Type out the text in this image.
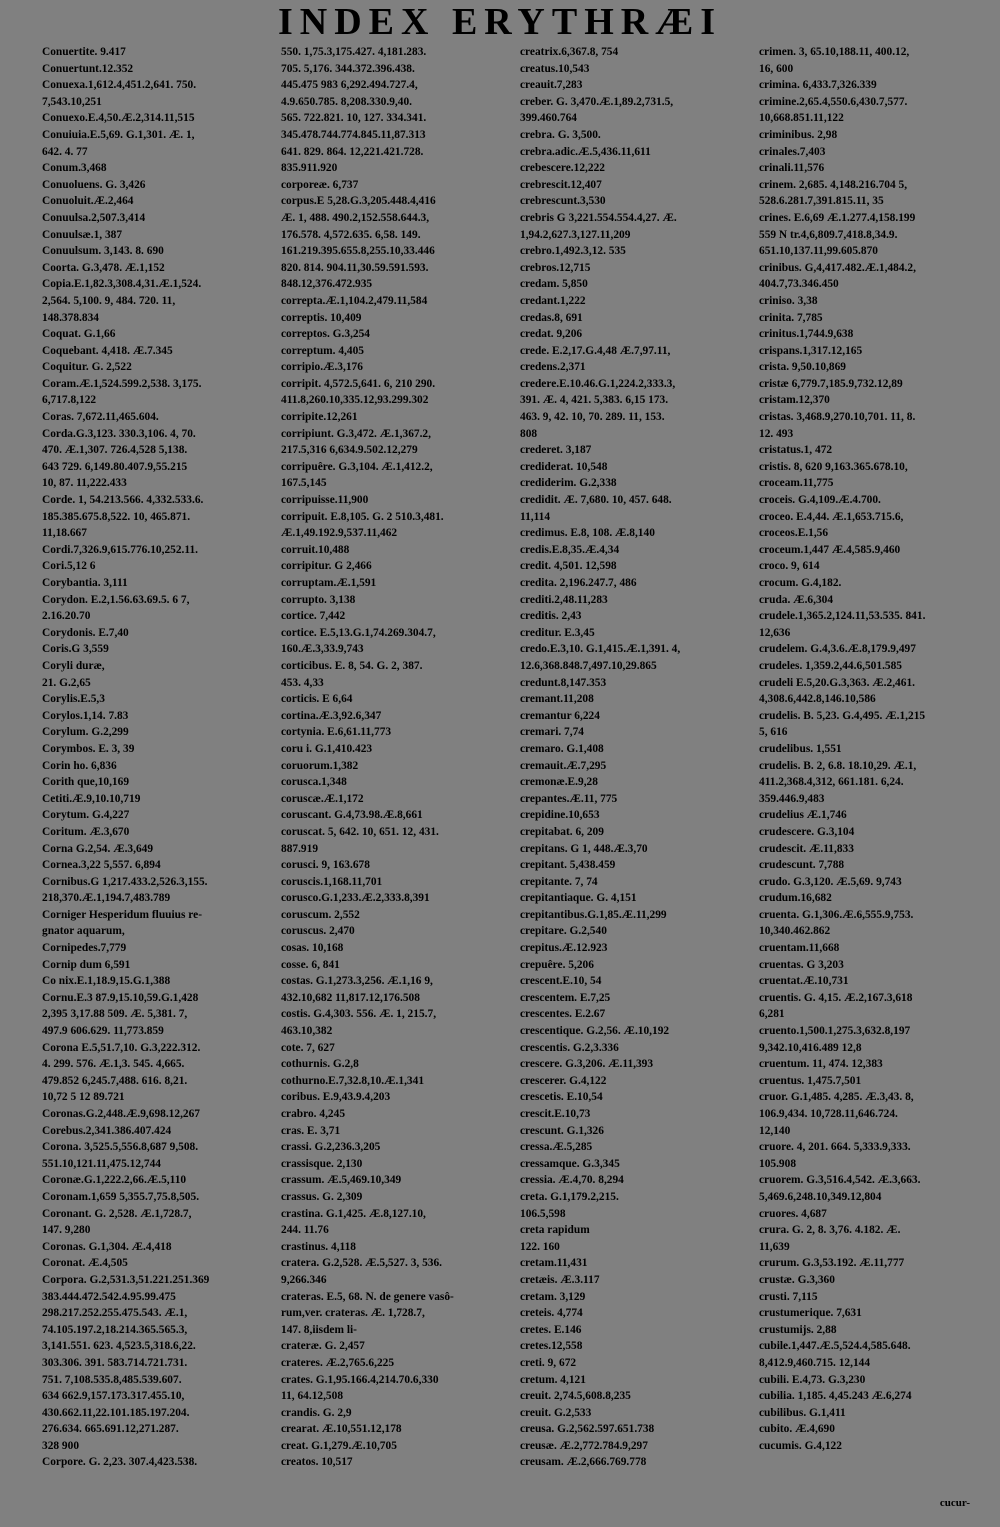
INDEX ERYTHRÆI
Conuertite. 9.417
Conuertunt.12.352
Conuexa.1,612.4,451.2,641. 750.
7,543.10,251
Conuexo.E.4,50.Æ.2,314.11,515
Conuiuia.E.5,69. G.1,301. Æ. 1,
642. 4. 77
Conum.3,468
Conuoluens. G. 3,426
Conuoluit.Æ.2,464
Conuulsa.2,507.3,414
Conuulsæ.1, 387
Conuulsum. 3,143. 8. 690
Coorta. G.3,478. Æ.1,152
Copia.E.1,82.3,308.4,31.Æ.1,524.
2,564. 5,100. 9, 484. 720. 11,
148.378.834
Coquat. G.1,66
Coquebant. 4,418. Æ.7.345
Coquitur. G. 2,522
Coram.Æ.1,524.599.2,538. 3,175.
6,717.8,122
Coras. 7,672.11,465.604.
Corda.G.3,123. 330.3,106. 4, 70.
470. Æ.1,307. 726.4,528 5,138.
643 729. 6,149.80.407.9,55.215
10, 87. 11,222.433
Corde. 1, 54.213.566. 4,332.533.6.
185.385.675.8,522. 10, 465.871.
11,18.667
Cordi.7,326.9,615.776.10,252.11.
Cori.5,12 6
Corybantia. 3,111
Corydon. E.2,1.56.63.69.5. 6 7,
2.16.20.70
Corydonis. E.7,40
Coris.G 3,559
Coryli duræ,
21. G.2,65
Corylis.E.5,3
Corylos.1,14. 7.83
Corylum. G.2,299
Corymbos. E. 3, 39
Corin ho. 6,836
Corith que,10,169
Cetiti.Æ.9,10.10,719
Corytum. G.4,227
Coritum. Æ.3,670
Corna G.2,54. Æ.3,649
Cornea.3,22 5,557. 6,894
Cornibus.G 1,217.433.2,526.3,155.
218,370.Æ.1,194.7,483.789
Corniger Hesperidum fluuius re-
gnator aquarum,
Cornipedes.7,779
Cornip dum 6,591
Co nix.E.1,18.9,15.G.1,388
Cornu.E.3 87.9,15.10,59.G.1,428
2,395 3,17.88 509. Æ. 5,381. 7,
497.9 606.629. 11,773.859
Corona E.5,51.7,10. G.3,222.312.
4. 299. 576. Æ.1,3. 545. 4,665.
479.852 6,245.7,488. 616. 8,21.
10,72 5 12 89.721
Coronas.G.2,448.Æ.9,698.12,267
Corebus.2,341.386.407.424
Corona. 3,525.5,556.8,687 9,508.
551.10,121.11,475.12,744
Coronæ.G.1,222.2,66.Æ.5,110
Coronam.1,659 5,355.7,75.8,505.
Coronant. G. 2,528. Æ.1,728.7,
147. 9,280
Coronas. G.1,304. Æ.4,418
Coronat. Æ.4,505
Corpora. G.2,531.3,51.221.251.369
383.444.472.542.4.95.99.475
298.217.252.255.475.543. Æ.1,
74.105.197.2,18.214.365.565.3,
3,141.551. 623. 4,523.5,318.6,22.
303.306. 391. 583.714.721.731.
751. 7,108.535.8,485.539.607.
634 662.9,157.173.317.455.10,
430.662.11,22.101.185.197.204.
276.634. 665.691.12,271.287.
328 900
Corpore. G. 2,23. 307.4,423.538.
550. 1,75.3,175.427. 4,181.283.
705. 5,176. 344.372.396.438.
445.475 983 6,292.494.727.4,
4.9.650.785. 8,208.330.9,40.
565. 722.821. 10, 127. 334.341.
345.478.744.774.845.11,87.313
641. 829. 864. 12,221.421.728.
835.911.920
corporeæ. 6,737
corpus.E 5,28.G.3,205.448.4,416
Æ. 1, 488. 490.2,152.558.644.3,
176.578. 4,572.635. 6,58. 149.
161.219.395.655.8,255.10,33.446
820. 814. 904.11,30.59.591.593.
848.12,376.472.935
correpta.Æ.1,104.2,479.11,584
correptis. 10,409
correptos. G.3,254
correptum. 4,405
corripio.Æ.3,176
corripit. 4,572.5,641. 6, 210 290.
411.8,260.10,335.12,93.299.302
corripite.12,261
corripiunt. G.3,472. Æ.1,367.2,
217.5,316 6,634.9.502.12,279
corripuêre. G.3,104. Æ.1,412.2,
167.5,145
corripuisse.11,900
corripuit. E.8,105. G. 2 510.3,481.
Æ.1,49.192.9,537.11,462
corruit.10,488
corripitur. G 2,466
corruptam.Æ.1,591
corrupto. 3,138
cortice. 7,442
cortice. E.5,13.G.1,74.269.304.7,
160.Æ.3,33.9,743
corticibus. E. 8, 54. G. 2, 387.
453. 4,33
corticis. E 6,64
cortina.Æ.3,92.6,347
cortynia. E.6,61.11,773
coru i. G.1,410.423
coruorum.1,382
corusca.1,348
coruscæ.Æ.1,172
coruscant. G.4,73.98.Æ.8,661
coruscat. 5, 642. 10, 651. 12, 431.
887.919
corusci. 9, 163.678
coruscis.1,168.11,701
corusco.G.1,233.Æ.2,333.8,391
coruscum. 2,552
coruscus. 2,470
cosas. 10,168
cosse. 6, 841
costas. G.1,273.3,256. Æ.1,16 9,
432.10,682 11,817.12,176.508
costis. G.4,303. 556. Æ. 1, 215.7,
463.10,382
cote. 7, 627
cothurnis. G.2,8
cothurno.E.7,32.8,10.Æ.1,341
coribus. E.9,43.9.4,203
crabro. 4,245
cras. E. 3,71
crassi. G.2,236.3,205
crassisque. 2,130
crassum. Æ.5,469.10,349
crassus. G. 2,309
crastina. G.1,425. Æ.8,127.10,
244. 11.76
crastinus. 4,118
cratera. G.2,528. Æ.5,527. 3, 536.
9,266.346
crateras. E.5, 68. N. de genere vasô-
rum,ver. crateras. Æ. 1,728.7,
147. 8,iisdem li-
crateræ. G. 2,457
crateres. Æ.2,765.6,225
crates. G.1,95.166.4,214.70.6,330
11, 64.12,508
crandis. G. 2,9
crearat. Æ.10,551.12,178
creat. G.1,279.Æ.10,705
creatos. 10,517
creatrix.6,367.8, 754
creatus.10,543
creauit.7,283
creber. G. 3,470.Æ.1,89.2,731.5,
399.460.764
crebra. G. 3,500.
crebra.adic.Æ.5,436.11,611
crebescere.12,222
crebrescit.12,407
crebrescunt.3,530
crebris G 3,221.554.554.4,27. Æ.
1,94.2,627.3,127.11,209
crebro.1,492.3,12. 535
crebros.12,715
credam. 5,850
credant.1,222
credas.8, 691
credat. 9,206
crede. E.2,17.G.4,48 Æ.7,97.11,
credens.2,371
credere.E.10.46.G.1,224.2,333.3,
391. Æ. 4, 421. 5,383. 6,15 173.
463. 9, 42. 10, 70. 289. 11, 153.
808
crederet. 3,187
crediderat. 10,548
crediderim. G.2,338
credidit. Æ. 7,680. 10, 457. 648.
11,114
credimus. E.8, 108. Æ.8,140
credis.E.8,35.Æ.4,34
credit. 4,501. 12,598
credita. 2,196.247.7, 486
crediti.2,48.11,283
creditis. 2,43
creditur. E.3,45
credo.E.3,10. G.1,415.Æ.1,391. 4,
12.6,368.848.7,497.10,29.865
credunt.8,147.353
cremant.11,208
cremantur 6,224
cremari. 7,74
cremaro. G.1,408
cremauit.Æ.7,295
cremonæ.E.9,28
crepantes.Æ.11, 775
crepidine.10,653
crepitabat. 6, 209
crepitans. G 1, 448.Æ.3,70
crepitant. 5,438.459
crepitante. 7, 74
crepitantiaque. G. 4,151
crepitantibus.G.1,85.Æ.11,299
crepitare. G.2,540
crepitus.Æ.12.923
crepuêre. 5,206
crescent.E.10, 54
crescentem. E.7,25
crescentes. E.2.67
crescentique. G.2,56. Æ.10,192
crescentis. G.2,3.336
crescere. G.3,206. Æ.11,393
crescerer. G.4,122
crescetis. E.10,54
crescit.E.10,73
crescunt. G.1,326
cressa.Æ.5,285
cressamque. G.3,345
cressia. Æ.4,70. 8,294
creta. G.1,179.2,215.
106.5,598
creta rapidum
122. 160
cretam.11,431
cretæis. Æ.3.117
cretam. 3,129
creteis. 4,774
cretes. E.146
cretes.12,558
creti. 9, 672
cretum. 4,121
creuit. 2,74.5,608.8,235
creuit. G.2,533
creusa. G.2,562.597.651.738
creusæ. Æ.2,772.784.9,297
creusam. Æ.2,666.769.778
crimen. 3, 65.10,188.11, 400.12,
16, 600
crimina. 6,433.7,326.339
crimine.2,65.4,550.6,430.7,577.
10,668.851.11,122
criminibus. 2,98
crinales.7,403
crinali.11,576
crinem. 2,685. 4,148.216.704 5,
528.6.281.7,391.815.11, 35
crines. E.6,69 Æ.1.277.4,158.199
559 N tr.4,6,809.7,418.8,34.9.
651.10,137.11,99.605.870
crinibus. G,4,417.482.Æ.1,484.2,
404.7,73.346.450
criniso. 3,38
crinita. 7,785
crinitus.1,744.9,638
crispans.1,317.12,165
crista. 9,50.10,869
cristæ 6,779.7,185.9,732.12,89
cristam.12,370
cristas. 3,468.9,270.10,701. 11, 8.
12. 493
cristatus.1, 472
cristis. 8, 620 9,163.365.678.10,
croceam.11,775
croceis. G.4,109.Æ.4.700.
croceo. E.4,44. Æ.1,653.715.6,
croceos.E.1,56
croceum.1,447 Æ.4,585.9,460
croco. 9, 614
crocum. G.4,182.
cruda. Æ.6,304
crudele.1,365.2,124.11,53.535. 841.
12,636
crudelem. G.4,3.6.Æ.8,179.9,497
crudeles. 1,359.2,44.6,501.585
crudeli E.5,20.G.3,363. Æ.2,461.
4,308.6,442.8,146.10,586
crudelis. B. 5,23. G.4,495. Æ.1,215
5, 616
crudelibus. 1,551
crudelis. B. 2, 6.8. 18.10,29. Æ.1,
411.2,368.4,312, 661.181. 6,24.
359.446.9,483
crudelius Æ.1,746
crudescere. G.3,104
crudescit. Æ.11,833
crudescunt. 7,788
crudo. G.3,120. Æ.5,69. 9,743
crudum.16,682
cruenta. G.1,306.Æ.6,555.9,753.
10,340.462.862
cruentam.11,668
cruentas. G 3,203
cruentat.Æ.10,731
cruentis. G. 4,15. Æ.2,167.3,618
6,281
cruento.1,500.1,275.3,632.8,197
9,342.10,416.489 12,8
cruentum. 11, 474. 12,383
cruentus. 1,475.7,501
cruor. G.1,485. 4,285. Æ.3,43. 8,
106.9,434. 10,728.11,646.724.
12,140
cruore. 4, 201. 664. 5,333.9,333.
105.908
cruorem. G.3,516.4,542. Æ.3,663.
5,469.6,248.10,349.12,804
cruores. 4,687
crura. G. 2, 8. 3,76. 4.182. Æ.
11,639
crurum. G.3,53.192. Æ.11,777
crustæ. G.3,360
crusti. 7,115
crustumerique. 7,631
crustumijs. 2,88
cubile.1,447.Æ.5,524.4,585.648.
8,412.9,460.715. 12,144
cubili. E.4,73. G.3,230
cubilia. 1,185. 4,45.243 Æ.6,274
cubilibus. G.1,411
cubito. Æ.4,690
cucumis. G.4,122
cucur-
